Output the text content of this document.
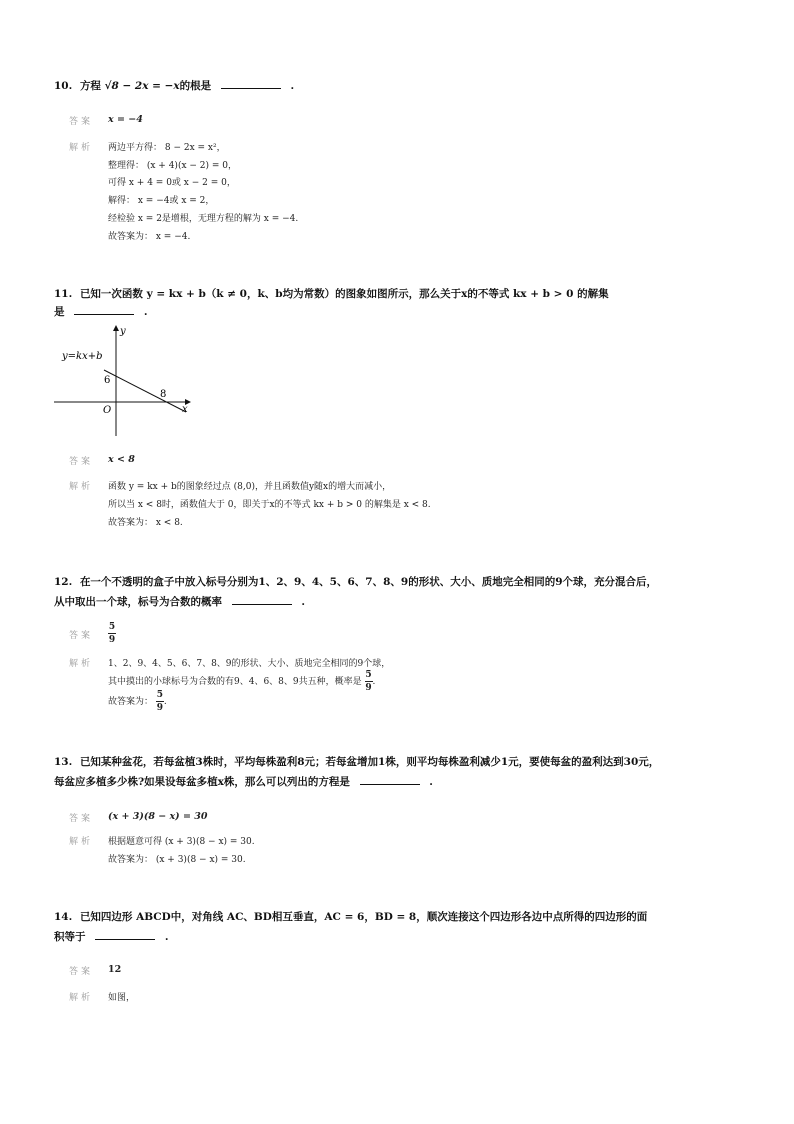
10. 方程 √8 − 2x = −x的根是	.
答案 x = −4
解析 两边平方得： 8 − 2x = x²，
整理得： (x + 4)(x − 2) = 0，
可得 x + 4 = 0或 x − 2 = 0，
解得： x = −4或 x = 2，
经检验 x = 2是增根，无理方程的解为 x = −4.
故答案为： x = −4.
11. 已知一次函数 y = kx + b（k ≠ 0，k、b均为常数）的图象如图所示，那么关于x的不等式 kx + b > 0 的解集
是	.
y=kx+b
y
x
O
6
8
答案 x < 8
解析 函数 y = kx + b的图象经过点 (8,0)，并且函数值y随x的增大而减小，
所以当 x < 8时，函数值大于 0，即关于x的不等式 kx + b > 0 的解集是 x < 8.
故答案为： x < 8.
12. 在一个不透明的盒子中放入标号分别为1、2、9、4、5、6、7、8、9的形状、大小、质地完全相同的9个球，充分混合后，
从中取出一个球，标号为合数的概率	.
答案 $\frac{5}{9}$
解析 1、2、9、4、5、6、7、8、9的形状、大小、质地完全相同的9个球，
其中摸出的小球标号为合数的有9、4、6、8、9共五种，概率是 $\frac{5}{9}$ .
故答案为： $\frac{5}{9}$ .
13. 已知某种盆花，若每盆植3株时，平均每株盈利8元；若每盆增加1株，则平均每株盈利减少1元，要使每盆的盈利达到30元，
每盆应多植多少株?如果设每盆多植x株，那么可以列出的方程是	.
答案 (x + 3)(8 − x) = 30
解析 根据题意可得 (x + 3)(8 − x) = 30.
故答案为： (x + 3)(8 − x) = 30.
14. 已知四边形 ABCD中，对角线 AC、BD相互垂直，AC = 6，BD = 8，顺次连接这个四边形各边中点所得的四边形的面
积等于	.
答案 12
解析 如图，
